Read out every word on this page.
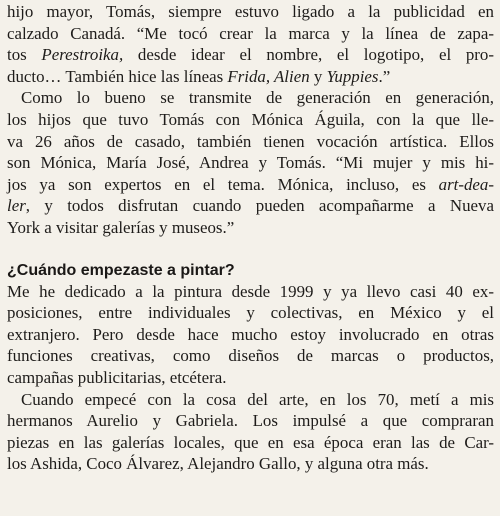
hijo mayor, Tomás, siempre estuvo ligado a la publicidad en
calzado Canadá. “Me tocó crear la marca y la línea de zapa-
tos Perestroika, desde idear el nombre, el logotipo, el pro-
ducto… También hice las líneas Frida, Alien y Yuppies.”

Como lo bueno se transmite de generación en generación,
los hijos que tuvo Tomás con Mónica Águila, con la que lle-
va 26 años de casado, también tienen vocación artística. Ellos
son Mónica, María José, Andrea y Tomás. “Mi mujer y mis hi-
jos ya son expertos en el tema. Mónica, incluso, es art-dea-
ler, y todos disfrutan cuando pueden acompañarme a Nueva
York a visitar galerías y museos.”

¿Cuándo empezaste a pintar?

Me he dedicado a la pintura desde 1999 y ya llevo casi 40 ex-
posiciones, entre individuales y colectivas, en México y el
extranjero. Pero desde hace mucho estoy involucrado en otras
funciones creativas, como diseños de marcas o productos,
campañas publicitarias, etcétera.

Cuando empecé con la cosa del arte, en los 70, metí a mis
hermanos Aurelio y Gabriela. Los impulsé a que compraran
piezas en las galerías locales, que en esa época eran las de Car-
los Ashida, Coco Álvarez, Alejandro Gallo, y alguna otra más.
